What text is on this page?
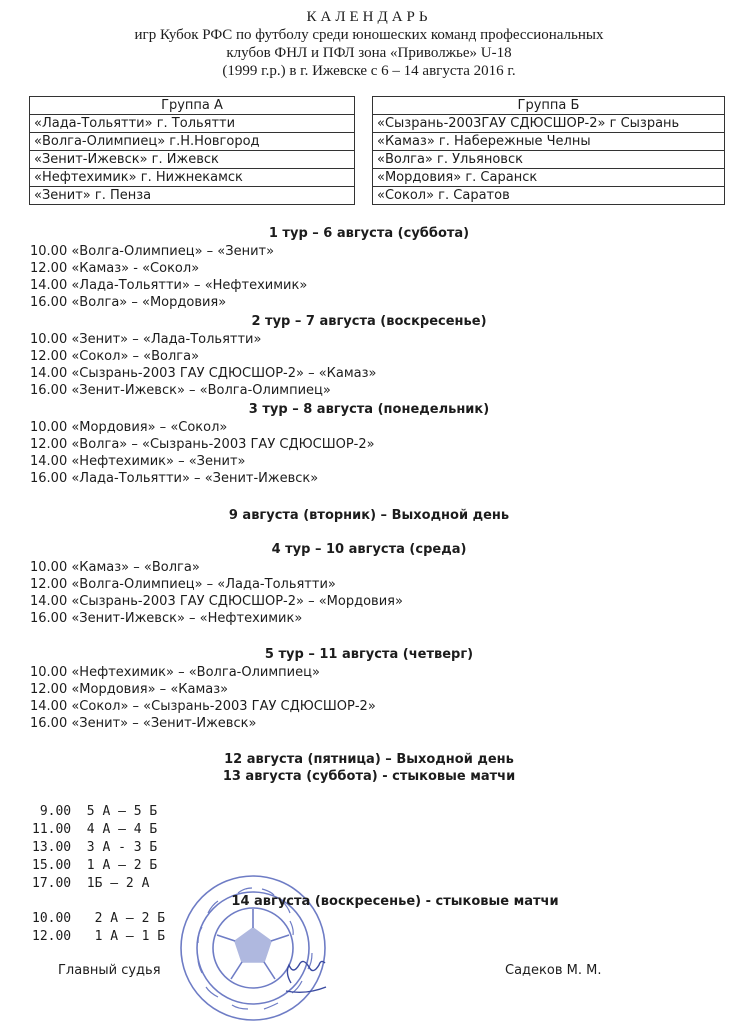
КАЛЕНДАРЬ
игр Кубок РФС по футболу среди юношеских команд профессиональных
клубов ФНЛ и ПФЛ зона «Приволжье» U-18
(1999 г.р.) в г. Ижевске с 6 – 14 августа 2016 г.
Группа А
«Лада-Тольятти» г. Тольятти
«Волга-Олимпиец» г.Н.Новгород
«Зенит-Ижевск» г. Ижевск
«Нефтехимик» г. Нижнекамск
«Зенит» г. Пенза
Группа Б
«Сызрань-2003ГАУ СДЮСШОР-2» г Сызрань
«Камаз» г. Набережные Челны
«Волга» г. Ульяновск
«Мордовия» г. Саранск
«Сокол» г. Саратов
1 тур – 6 августа (суббота)
10.00 «Волга-Олимпиец» – «Зенит»
12.00 «Камаз» - «Сокол»
14.00 «Лада-Тольятти» – «Нефтехимик»
16.00 «Волга» – «Мордовия»
2 тур – 7 августа (воскресенье)
10.00 «Зенит» – «Лада-Тольятти»
12.00 «Сокол» – «Волга»
14.00 «Сызрань-2003 ГАУ СДЮСШОР-2» – «Камаз»
16.00 «Зенит-Ижевск» – «Волга-Олимпиец»
3 тур – 8 августа (понедельник)
10.00 «Мордовия» – «Сокол»
12.00 «Волга» – «Сызрань-2003 ГАУ СДЮСШОР-2»
14.00 «Нефтехимик» – «Зенит»
16.00 «Лада-Тольятти» – «Зенит-Ижевск»
9 августа (вторник) – Выходной день
4 тур – 10 августа (среда)
10.00 «Камаз» – «Волга»
12.00 «Волга-Олимпиец» – «Лада-Тольятти»
14.00 «Сызрань-2003 ГАУ СДЮСШОР-2» – «Мордовия»
16.00 «Зенит-Ижевск» – «Нефтехимик»
5 тур – 11 августа (четверг)
10.00 «Нефтехимик» – «Волга-Олимпиец»
12.00 «Мордовия» – «Камаз»
14.00 «Сокол» – «Сызрань-2003 ГАУ СДЮСШОР-2»
16.00 «Зенит» – «Зенит-Ижевск»
12 августа (пятница) – Выходной день
13 августа (суббота) - стыковые матчи
9.00  5 А – 5 Б
11.00  4 А – 4 Б
13.00  3 А - 3 Б
15.00  1 А – 2 Б
17.00  1Б – 2 А
14 августа (воскресенье) - стыковые матчи
10.00   2 А – 2 Б
12.00   1 А – 1 Б
Главный судья	Садеков М. М.
